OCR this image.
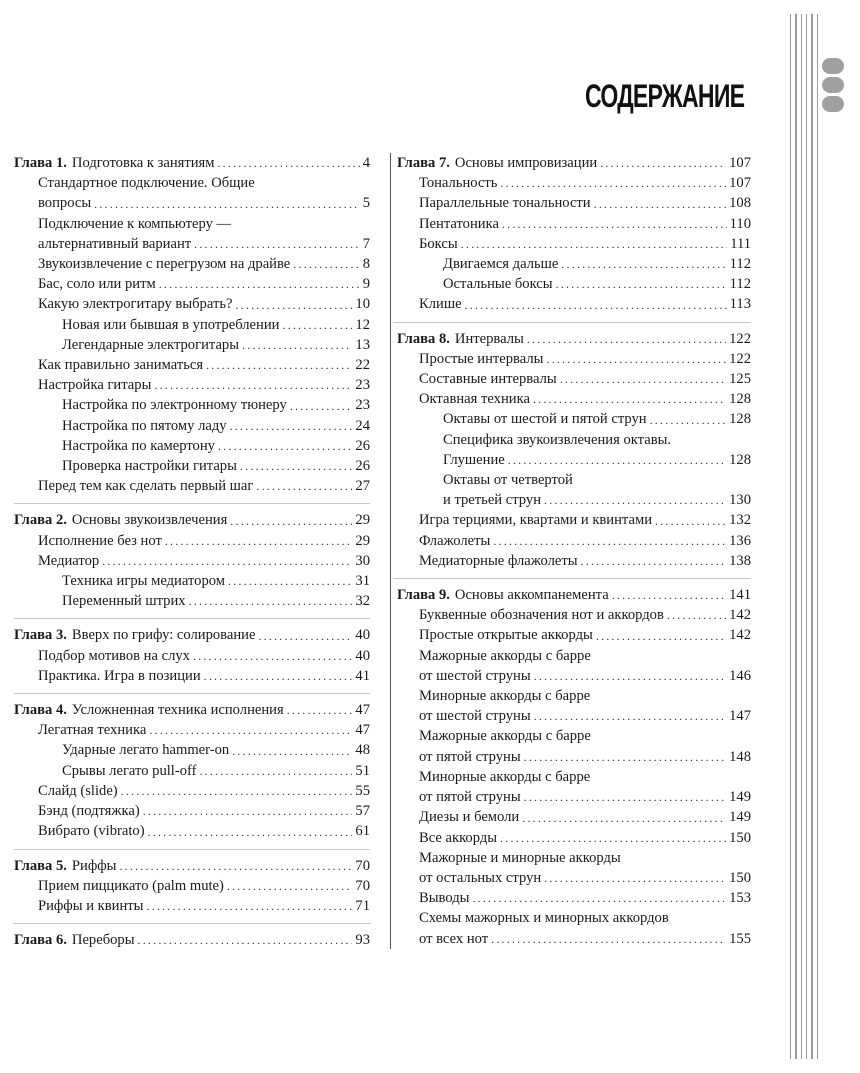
СОДЕРЖАНИЕ
Глава 1. Подготовка к занятиям .....	4
Стандартное подключение. Общие
вопросы .....	5
Подключение к компьютеру —
альтернативный вариант .....	7
Звукоизвлечение с перегрузом на драйве .....	8
Бас, соло или ритм .....	9
Какую электрогитару выбрать? .....	10
Новая или бывшая в употреблении .....	12
Легендарные электрогитары .....	13
Как правильно заниматься .....	22
Настройка гитары .....	23
Настройка по электронному тюнеру .....	23
Настройка по пятому ладу .....	24
Настройка по камертону .....	26
Проверка настройки гитары .....	26
Перед тем как сделать первый шаг .....	27
Глава 2. Основы звукоизвлечения .....	29
Исполнение без нот .....	29
Медиатор .....	30
Техника игры медиатором .....	31
Переменный штрих .....	32
Глава 3. Вверх по грифу: солирование .....	40
Подбор мотивов на слух .....	40
Практика. Игра в позиции .....	41
Глава 4. Усложненная техника исполнения .....	47
Легатная техника .....	47
Ударные легато hammer-on .....	48
Срывы легато pull-off .....	51
Слайд (slide) .....	55
Бэнд (подтяжка) .....	57
Вибрато (vibrato) .....	61
Глава 5. Риффы .....	70
Прием пиццикато (palm mute) .....	70
Риффы и квинты .....	71
Глава 6. Переборы .....	93
Глава 7. Основы импровизации .....	107
Тональность .....	107
Параллельные тональности .....	108
Пентатоника .....	110
Боксы .....	111
Двигаемся дальше .....	112
Остальные боксы .....	112
Клише .....	113
Глава 8. Интервалы .....	122
Простые интервалы .....	122
Составные интервалы .....	125
Октавная техника .....	128
Октавы от шестой и пятой струн .....	128
Специфика звукоизвлечения октавы.
Глушение .....	128
Октавы от четвертой
и третьей струн .....	130
Игра терциями, квартами и квинтами .....	132
Флажолеты .....	136
Медиаторные флажолеты .....	138
Глава 9. Основы аккомпанемента .....	141
Буквенные обозначения нот и аккордов .....	142
Простые открытые аккорды .....	142
Мажорные аккорды с барре
от шестой струны .....	146
Минорные аккорды с барре
от шестой струны .....	147
Мажорные аккорды с барре
от пятой струны .....	148
Минорные аккорды с барре
от пятой струны .....	149
Диезы и бемоли .....	149
Все аккорды .....	150
Мажорные и минорные аккорды
от остальных струн .....	150
Выводы .....	153
Схемы мажорных и минорных аккордов
от всех нот .....	155
